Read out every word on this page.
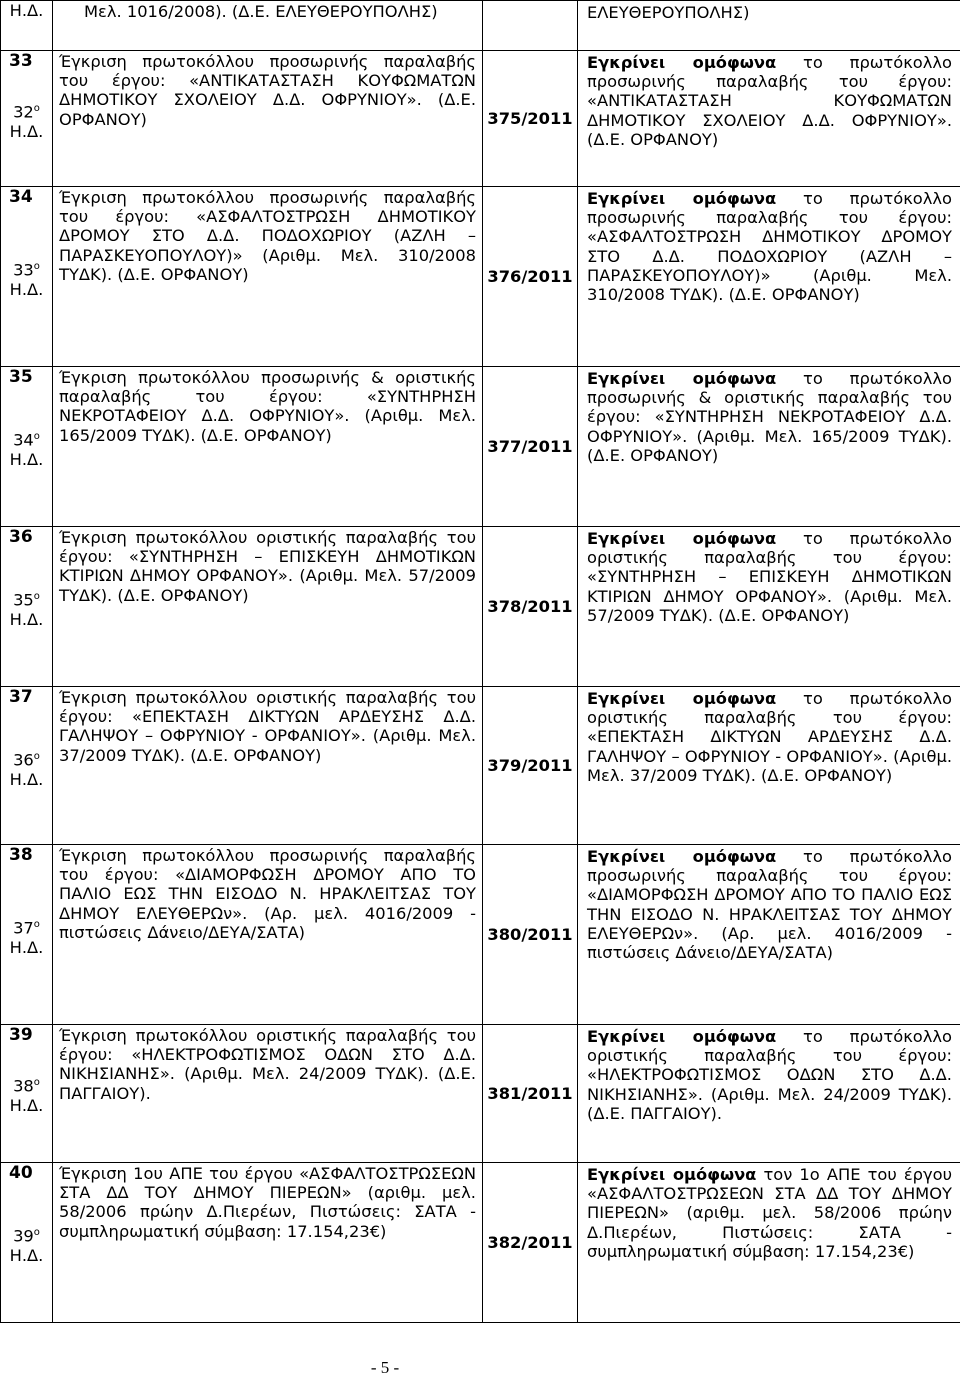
Η.Δ.	Μελ. 1016/2008). (Δ.Ε. ΕΛΕΥΘΕΡΟΥΠΟΛΗΣ)		ΕΛΕΥΘΕΡΟΥΠΟΛΗΣ)

33
$32^o$
Η.Δ.	Έγκριση πρωτοκόλλου προσωρινής παραλαβής του έργου: «ΑΝΤΙΚΑΤΑΣΤΑΣΗ ΚΟΥΦΩΜΑΤΩΝ ΔΗΜΟΤΙΚΟΥ ΣΧΟΛΕΙΟΥ Δ.Δ. ΟΦΡΥΝΙΟΥ». (Δ.Ε. ΟΡΦΑΝΟΥ)	375/2011	Εγκρίνει ομόφωνα το πρωτόκολλο προσωρινής παραλαβής του έργου: «ΑΝΤΙΚΑΤΑΣΤΑΣΗ ΚΟΥΦΩΜΑΤΩΝ ΔΗΜΟΤΙΚΟΥ ΣΧΟΛΕΙΟΥ Δ.Δ. ΟΦΡΥΝΙΟΥ». (Δ.Ε. ΟΡΦΑΝΟΥ)

34
$33^o$
Η.Δ.	Έγκριση πρωτοκόλλου προσωρινής παραλαβής του έργου: «ΑΣΦΑΛΤΟΣΤΡΩΣΗ ΔΗΜΟΤΙΚΟΥ ΔΡΟΜΟΥ ΣΤΟ Δ.Δ. ΠΟΔΟΧΩΡΙΟΥ (ΑΖΛΗ – ΠΑΡΑΣΚΕΥΟΠΟΥΛΟΥ)» (Αριθμ. Μελ. 310/2008 ΤΥΔΚ). (Δ.Ε. ΟΡΦΑΝΟΥ)	376/2011	Εγκρίνει ομόφωνα το πρωτόκολλο προσωρινής παραλαβής του έργου: «ΑΣΦΑΛΤΟΣΤΡΩΣΗ ΔΗΜΟΤΙΚΟΥ ΔΡΟΜΟΥ ΣΤΟ Δ.Δ. ΠΟΔΟΧΩΡΙΟΥ (ΑΖΛΗ – ΠΑΡΑΣΚΕΥΟΠΟΥΛΟΥ)» (Αριθμ. Μελ. 310/2008 ΤΥΔΚ). (Δ.Ε. ΟΡΦΑΝΟΥ)

35
$34^o$
Η.Δ.	Έγκριση πρωτοκόλλου προσωρινής & οριστικής παραλαβής του έργου: «ΣΥΝΤΗΡΗΣΗ ΝΕΚΡΟΤΑΦΕΙΟΥ Δ.Δ. ΟΦΡΥΝΙΟΥ». (Αριθμ. Μελ. 165/2009 ΤΥΔΚ). (Δ.Ε. ΟΡΦΑΝΟΥ)	377/2011	Εγκρίνει ομόφωνα το πρωτόκολλο προσωρινής & οριστικής παραλαβής του έργου: «ΣΥΝΤΗΡΗΣΗ ΝΕΚΡΟΤΑΦΕΙΟΥ Δ.Δ. ΟΦΡΥΝΙΟΥ». (Αριθμ. Μελ. 165/2009 ΤΥΔΚ). (Δ.Ε. ΟΡΦΑΝΟΥ)

36
$35^o$
Η.Δ.	Έγκριση πρωτοκόλλου οριστικής παραλαβής του έργου: «ΣΥΝΤΗΡΗΣΗ – ΕΠΙΣΚΕΥΗ ΔΗΜΟΤΙΚΩΝ ΚΤΙΡΙΩΝ ΔΗΜΟΥ ΟΡΦΑΝΟΥ». (Αριθμ. Μελ. 57/2009 ΤΥΔΚ). (Δ.Ε. ΟΡΦΑΝΟΥ)	378/2011	Εγκρίνει ομόφωνα το πρωτόκολλο οριστικής παραλαβής του έργου: «ΣΥΝΤΗΡΗΣΗ – ΕΠΙΣΚΕΥΗ ΔΗΜΟΤΙΚΩΝ ΚΤΙΡΙΩΝ ΔΗΜΟΥ ΟΡΦΑΝΟΥ». (Αριθμ. Μελ. 57/2009 ΤΥΔΚ). (Δ.Ε. ΟΡΦΑΝΟΥ)

37
$36^o$
Η.Δ.	Έγκριση πρωτοκόλλου οριστικής παραλαβής του έργου: «ΕΠΕΚΤΑΣΗ ΔΙΚΤΥΩΝ ΑΡΔΕΥΣΗΣ Δ.Δ. ΓΑΛΗΨΟΥ – ΟΦΡΥΝΙΟΥ - ΟΡΦΑΝΙΟΥ». (Αριθμ. Μελ. 37/2009 ΤΥΔΚ). (Δ.Ε. ΟΡΦΑΝΟΥ)	379/2011	Εγκρίνει ομόφωνα το πρωτόκολλο οριστικής παραλαβής του έργου: «ΕΠΕΚΤΑΣΗ ΔΙΚΤΥΩΝ ΑΡΔΕΥΣΗΣ Δ.Δ. ΓΑΛΗΨΟΥ – ΟΦΡΥΝΙΟΥ - ΟΡΦΑΝΙΟΥ». (Αριθμ. Μελ. 37/2009 ΤΥΔΚ). (Δ.Ε. ΟΡΦΑΝΟΥ)

38
$37^o$
Η.Δ.	Έγκριση πρωτοκόλλου προσωρινής παραλαβής του έργου: «ΔΙΑΜΟΡΦΩΣΗ ΔΡΟΜΟΥ ΑΠΟ ΤΟ ΠΑΛΙΟ ΕΩΣ ΤΗΝ ΕΙΣΟΔΟ Ν. ΗΡΑΚΛΕΙΤΣΑΣ ΤΟΥ ΔΗΜΟΥ ΕΛΕΥΘΕΡΩν». (Αρ. μελ. 4016/2009 - πιστώσεις Δάνειο/ΔΕΥΑ/ΣΑΤΑ)	380/2011	Εγκρίνει ομόφωνα το πρωτόκολλο προσωρινής παραλαβής του έργου: «ΔΙΑΜΟΡΦΩΣΗ ΔΡΟΜΟΥ ΑΠΟ ΤΟ ΠΑΛΙΟ ΕΩΣ ΤΗΝ ΕΙΣΟΔΟ Ν. ΗΡΑΚΛΕΙΤΣΑΣ ΤΟΥ ΔΗΜΟΥ ΕΛΕΥΘΕΡΩν». (Αρ. μελ. 4016/2009 - πιστώσεις Δάνειο/ΔΕΥΑ/ΣΑΤΑ)

39
$38^o$
Η.Δ.	Έγκριση πρωτοκόλλου οριστικής παραλαβής του έργου: «ΗΛΕΚΤΡΟΦΩΤΙΣΜΟΣ ΟΔΩΝ ΣΤΟ Δ.Δ. ΝΙΚΗΣΙΑΝΗΣ». (Αριθμ. Μελ. 24/2009 ΤΥΔΚ). (Δ.Ε. ΠΑΓΓΑΙΟΥ).	381/2011	Εγκρίνει ομόφωνα το πρωτόκολλο οριστικής παραλαβής του έργου: «ΗΛΕΚΤΡΟΦΩΤΙΣΜΟΣ ΟΔΩΝ ΣΤΟ Δ.Δ. ΝΙΚΗΣΙΑΝΗΣ». (Αριθμ. Μελ. 24/2009 ΤΥΔΚ). (Δ.Ε. ΠΑΓΓΑΙΟΥ).

40
$39^o$
Η.Δ.	Έγκριση 1ου ΑΠΕ του έργου «ΑΣΦΑΛΤΟΣΤΡΩΣΕΩΝ ΣΤΑ ΔΔ ΤΟΥ ΔΗΜΟΥ ΠΙΕΡΕΩΝ» (αριθμ. μελ. 58/2006 πρώην Δ.Πιερέων, Πιστώσεις: ΣΑΤΑ - συμπληρωματική σύμβαση: 17.154,23€)	382/2011	Εγκρίνει ομόφωνα τον 1ο ΑΠΕ του έργου «ΑΣΦΑΛΤΟΣΤΡΩΣΕΩΝ ΣΤΑ ΔΔ ΤΟΥ ΔΗΜΟΥ ΠΙΕΡΕΩΝ» (αριθμ. μελ. 58/2006 πρώην Δ.Πιερέων, Πιστώσεις: ΣΑΤΑ - συμπληρωματική σύμβαση: 17.154,23€)
- 5 -
